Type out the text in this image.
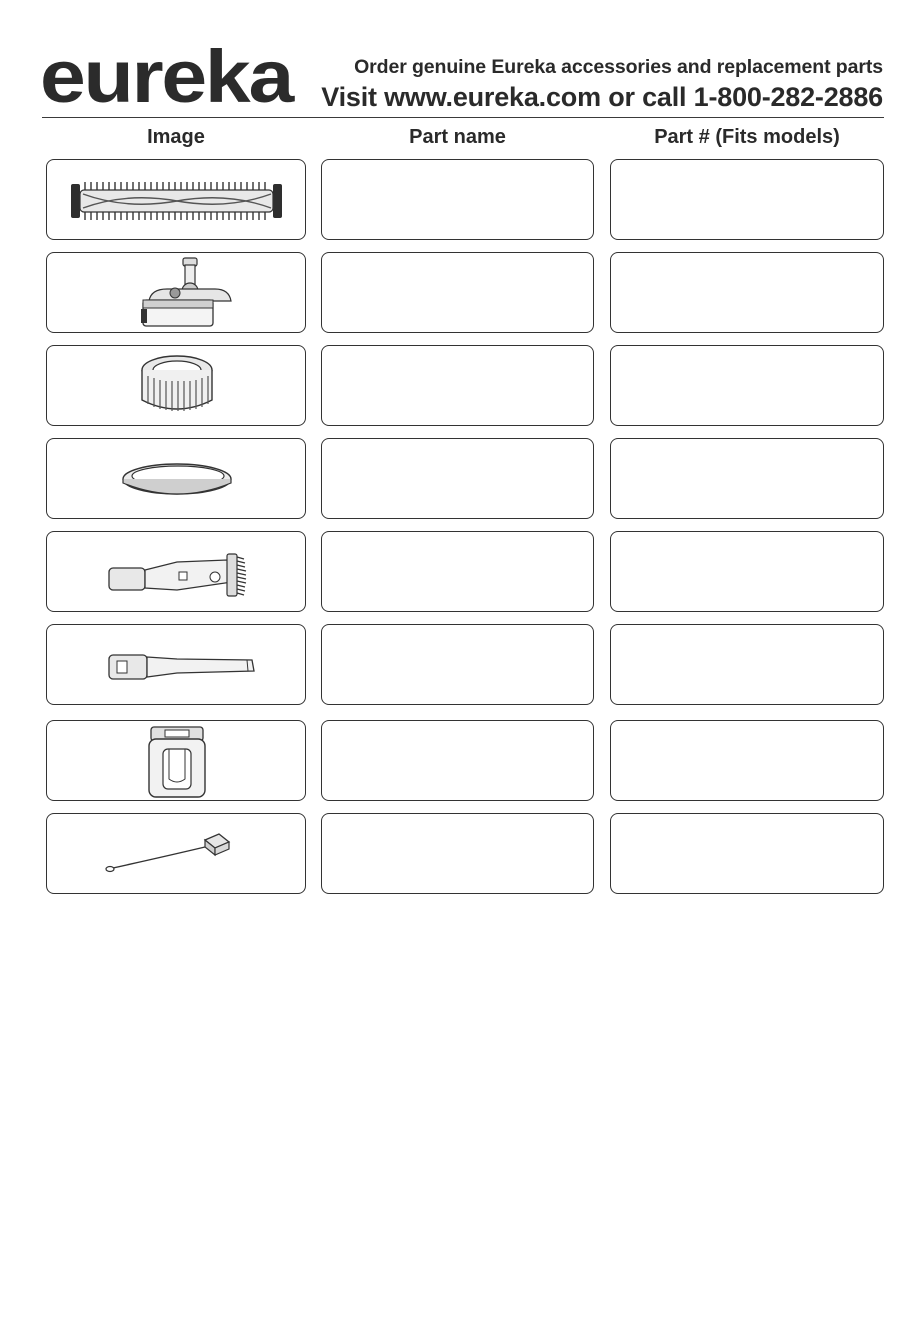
eureka	Order genuine Eureka accessories and replacement parts
Visit www.eureka.com or call 1-800-282-2886
Image	Part name	Part # (Fits models)
